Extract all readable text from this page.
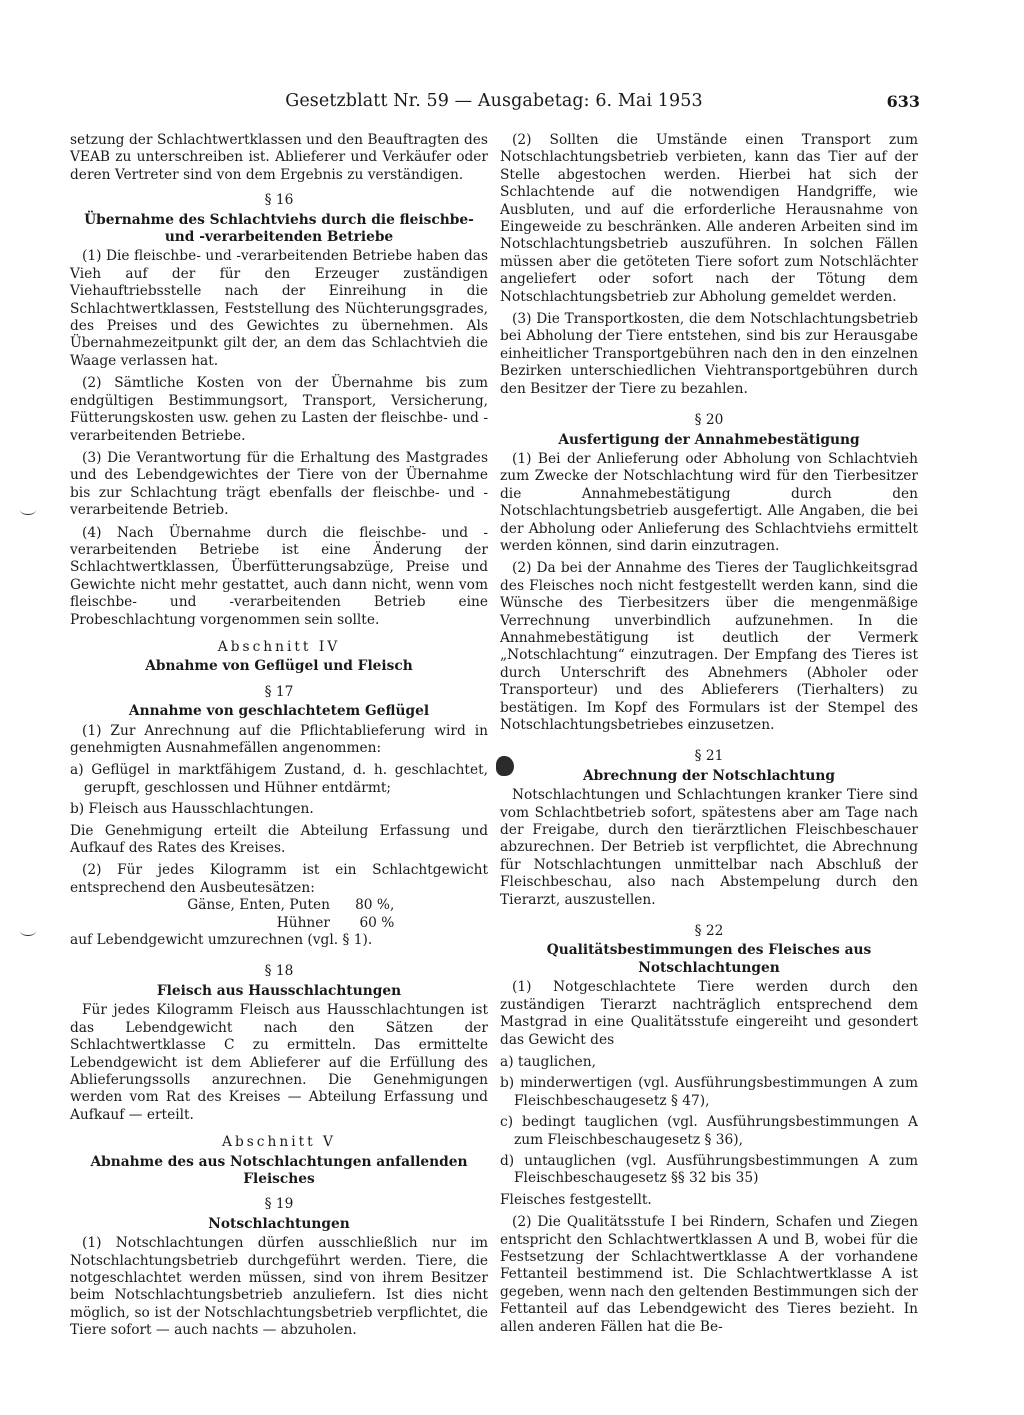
Gesetzblatt Nr. 59 — Ausgabetag: 6. Mai 1953	633

setzung der Schlachtwertklassen und den Beauftragten des VEAB zu unterschreiben ist. Ablieferer und Verkäufer oder deren Vertreter sind von dem Ergebnis zu verständigen.

§ 16
Übernahme des Schlachtviehs durch die fleischbe- und -verarbeitenden Betriebe

(1) Die fleischbe- und -verarbeitenden Betriebe haben das Vieh auf der für den Erzeuger zuständigen Viehauftriebsstelle nach der Einreihung in die Schlachtwertklassen, Feststellung des Nüchterungsgrades, des Preises und des Gewichtes zu übernehmen. Als Übernahmezeitpunkt gilt der, an dem das Schlachtvieh die Waage verlassen hat.

(2) Sämtliche Kosten von der Übernahme bis zum endgültigen Bestimmungsort, Transport, Versicherung, Fütterungskosten usw. gehen zu Lasten der fleischbe- und -verarbeitenden Betriebe.

(3) Die Verantwortung für die Erhaltung des Mastgrades und des Lebendgewichtes der Tiere von der Übernahme bis zur Schlachtung trägt ebenfalls der fleischbe- und -verarbeitende Betrieb.

(4) Nach Übernahme durch die fleischbe- und -verarbeitenden Betriebe ist eine Änderung der Schlachtwertklassen, Überfütterungsabzüge, Preise und Gewichte nicht mehr gestattet, auch dann nicht, wenn vom fleischbe- und -verarbeitenden Betrieb eine Probeschlachtung vorgenommen sein sollte.

Abschnitt IV
Abnahme von Geflügel und Fleisch
§ 17
Annahme von geschlachtetem Geflügel

(1) Zur Anrechnung auf die Pflichtablieferung wird in genehmigten Ausnahmefällen angenommen:

a) Geflügel in marktfähigem Zustand, d. h. geschlachtet, gerupft, geschlossen und Hühner entdärmt;
b) Fleisch aus Hausschlachtungen.

Die Genehmigung erteilt die Abteilung Erfassung und Aufkauf des Rates des Kreises.

(2) Für jedes Kilogramm ist ein Schlachtgewicht entsprechend den Ausbeutesätzen:

Gänse, Enten, Puten 80 %,
Hühner 60 %

auf Lebendgewicht umzurechnen (vgl. § 1).

§ 18
Fleisch aus Hausschlachtungen

Für jedes Kilogramm Fleisch aus Hausschlachtungen ist das Lebendgewicht nach den Sätzen der Schlachtwertklasse C zu ermitteln. Das ermittelte Lebendgewicht ist dem Ablieferer auf die Erfüllung des Ablieferungssolls anzurechnen. Die Genehmigungen werden vom Rat des Kreises — Abteilung Erfassung und Aufkauf — erteilt.

Abschnitt V
Abnahme des aus Notschlachtungen anfallenden Fleisches
§ 19
Notschlachtungen

(1) Notschlachtungen dürfen ausschließlich nur im Notschlachtungsbetrieb durchgeführt werden. Tiere, die notgeschlachtet werden müssen, sind von ihrem Besitzer beim Notschlachtungsbetrieb anzuliefern. Ist dies nicht möglich, so ist der Notschlachtungsbetrieb verpflichtet, die Tiere sofort — auch nachts — abzuholen.

(2) Sollten die Umstände einen Transport zum Notschlachtungsbetrieb verbieten, kann das Tier auf der Stelle abgestochen werden. Hierbei hat sich der Schlachtende auf die notwendigen Handgriffe, wie Ausbluten, und auf die erforderliche Herausnahme von Eingeweide zu beschränken. Alle anderen Arbeiten sind im Notschlachtungsbetrieb auszuführen. In solchen Fällen müssen aber die getöteten Tiere sofort zum Notschlächter angeliefert oder sofort nach der Tötung dem Notschlachtungsbetrieb zur Abholung gemeldet werden.

(3) Die Transportkosten, die dem Notschlachtungsbetrieb bei Abholung der Tiere entstehen, sind bis zur Herausgabe einheitlicher Transportgebühren nach den in den einzelnen Bezirken unterschiedlichen Viehtransportgebühren durch den Besitzer der Tiere zu bezahlen.

§ 20
Ausfertigung der Annahmebestätigung

(1) Bei der Anlieferung oder Abholung von Schlachtvieh zum Zwecke der Notschlachtung wird für den Tierbesitzer die Annahmebestätigung durch den Notschlachtungsbetrieb ausgefertigt. Alle Angaben, die bei der Abholung oder Anlieferung des Schlachtviehs ermittelt werden können, sind darin einzutragen.

(2) Da bei der Annahme des Tieres der Tauglichkeitsgrad des Fleisches noch nicht festgestellt werden kann, sind die Wünsche des Tierbesitzers über die mengenmäßige Verrechnung unverbindlich aufzunehmen. In die Annahmebestätigung ist deutlich der Vermerk „Notschlachtung“ einzutragen. Der Empfang des Tieres ist durch Unterschrift des Abnehmers (Abholer oder Transporteur) und des Ablieferers (Tierhalters) zu bestätigen. Im Kopf des Formulars ist der Stempel des Notschlachtungsbetriebes einzusetzen.

§ 21
Abrechnung der Notschlachtung

Notschlachtungen und Schlachtungen kranker Tiere sind vom Schlachtbetrieb sofort, spätestens aber am Tage nach der Freigabe, durch den tierärztlichen Fleischbeschauer abzurechnen. Der Betrieb ist verpflichtet, die Abrechnung für Notschlachtungen unmittelbar nach Abschluß der Fleischbeschau, also nach Abstempelung durch den Tierarzt, auszustellen.

§ 22
Qualitätsbestimmungen des Fleisches aus Notschlachtungen

(1) Notgeschlachtete Tiere werden durch den zuständigen Tierarzt nachträglich entsprechend dem Mastgrad in eine Qualitätsstufe eingereiht und gesondert das Gewicht des

a) tauglichen,
b) minderwertigen (vgl. Ausführungsbestimmungen A zum Fleischbeschaugesetz § 47),
c) bedingt tauglichen (vgl. Ausführungsbestimmungen A zum Fleischbeschaugesetz § 36),
d) untauglichen (vgl. Ausführungsbestimmungen A zum Fleischbeschaugesetz §§ 32 bis 35)

Fleisches festgestellt.

(2) Die Qualitätsstufe I bei Rindern, Schafen und Ziegen entspricht den Schlachtwertklassen A und B, wobei für die Festsetzung der Schlachtwertklasse A der vorhandene Fettanteil bestimmend ist. Die Schlachtwertklasse A ist gegeben, wenn nach den geltenden Bestimmungen sich der Fettanteil auf das Lebendgewicht des Tieres bezieht. In allen anderen Fällen hat die Be-
